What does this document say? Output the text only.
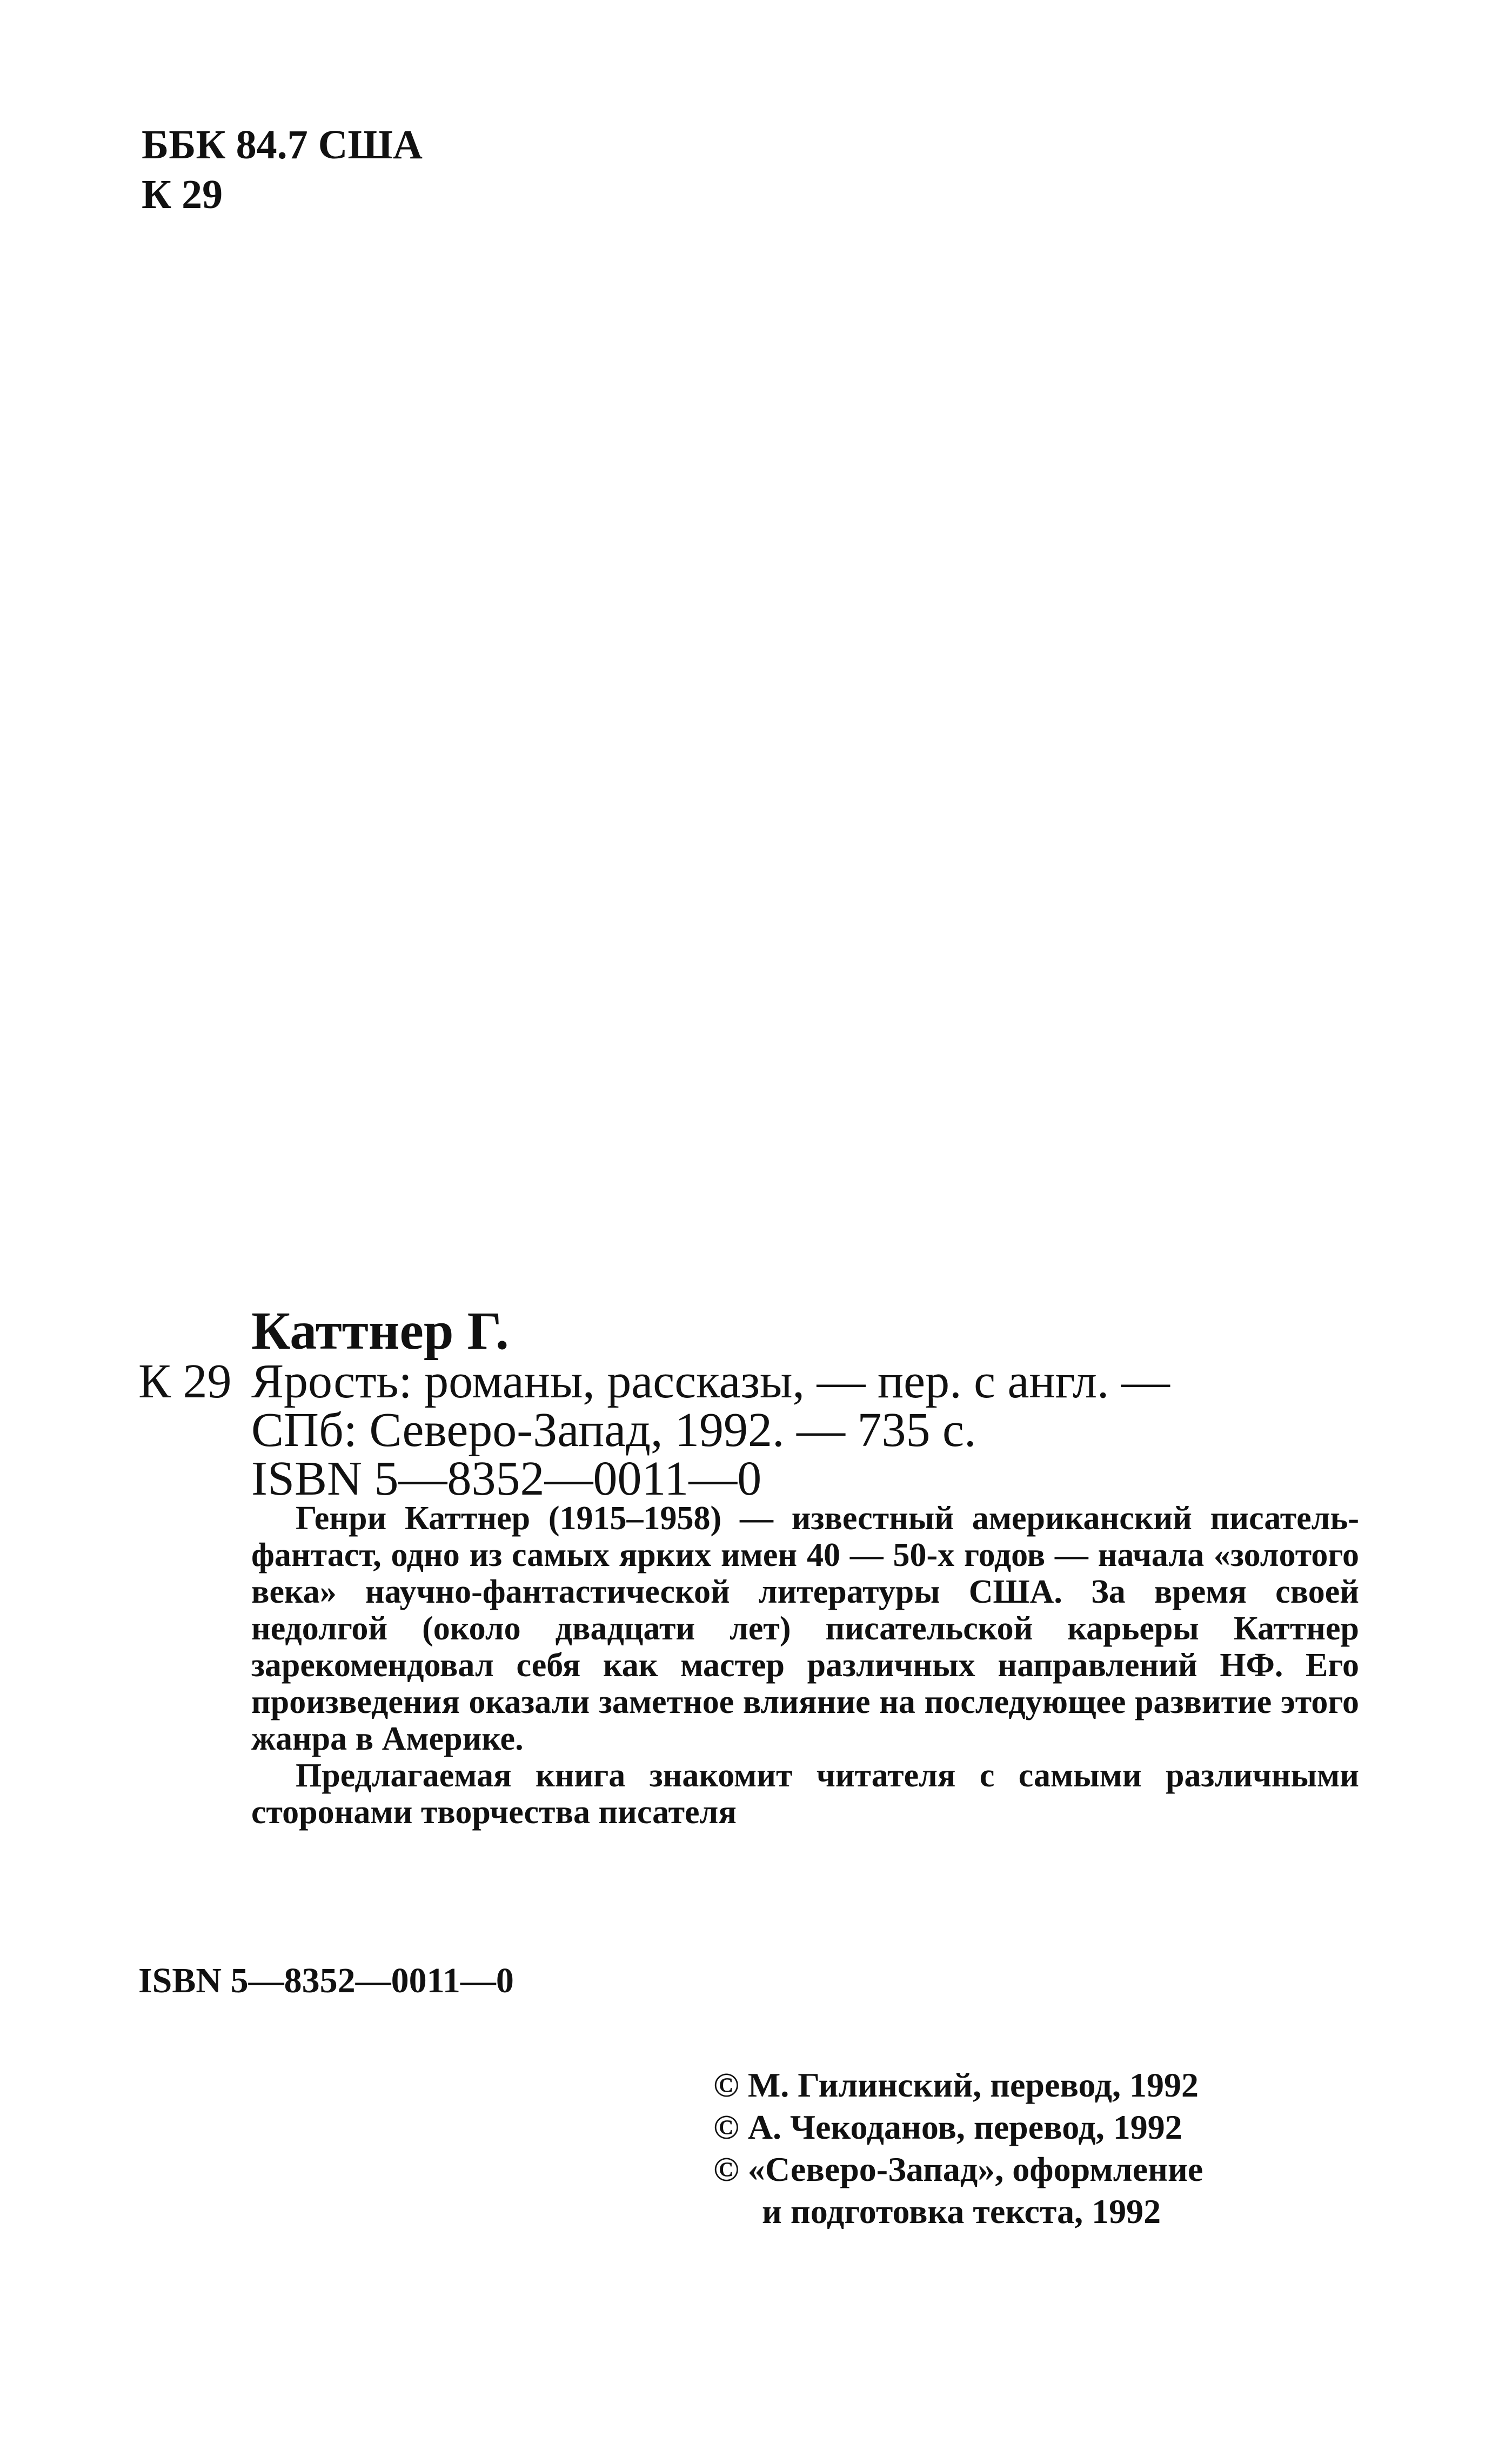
ББК 84.7 США
К 29
Каттнер Г.
К 29 Ярость: романы, рассказы, — пер. с англ. —
СПб: Северо-Запад, 1992. — 735 с.
ISBN 5—8352—0011—0

Генри Каттнер (1915–1958) — известный американский писатель-фантаст, одно из самых ярких имен 40 — 50-х годов — начала «золотого века» научно-фантастической литературы США. За время своей недолгой (около двадцати лет) писательской карьеры Каттнер зарекомендовал себя как мастер различных направлений НФ. Его произведения оказали заметное влияние на последующее развитие этого жанра в Америке.

Предлагаемая книга знакомит читателя с самыми различными сторонами творчества писателя

ISBN 5—8352—0011—0
© М. Гилинский, перевод, 1992
© А. Чекоданов, перевод, 1992
© «Северо-Запад», оформление
и подготовка текста, 1992
